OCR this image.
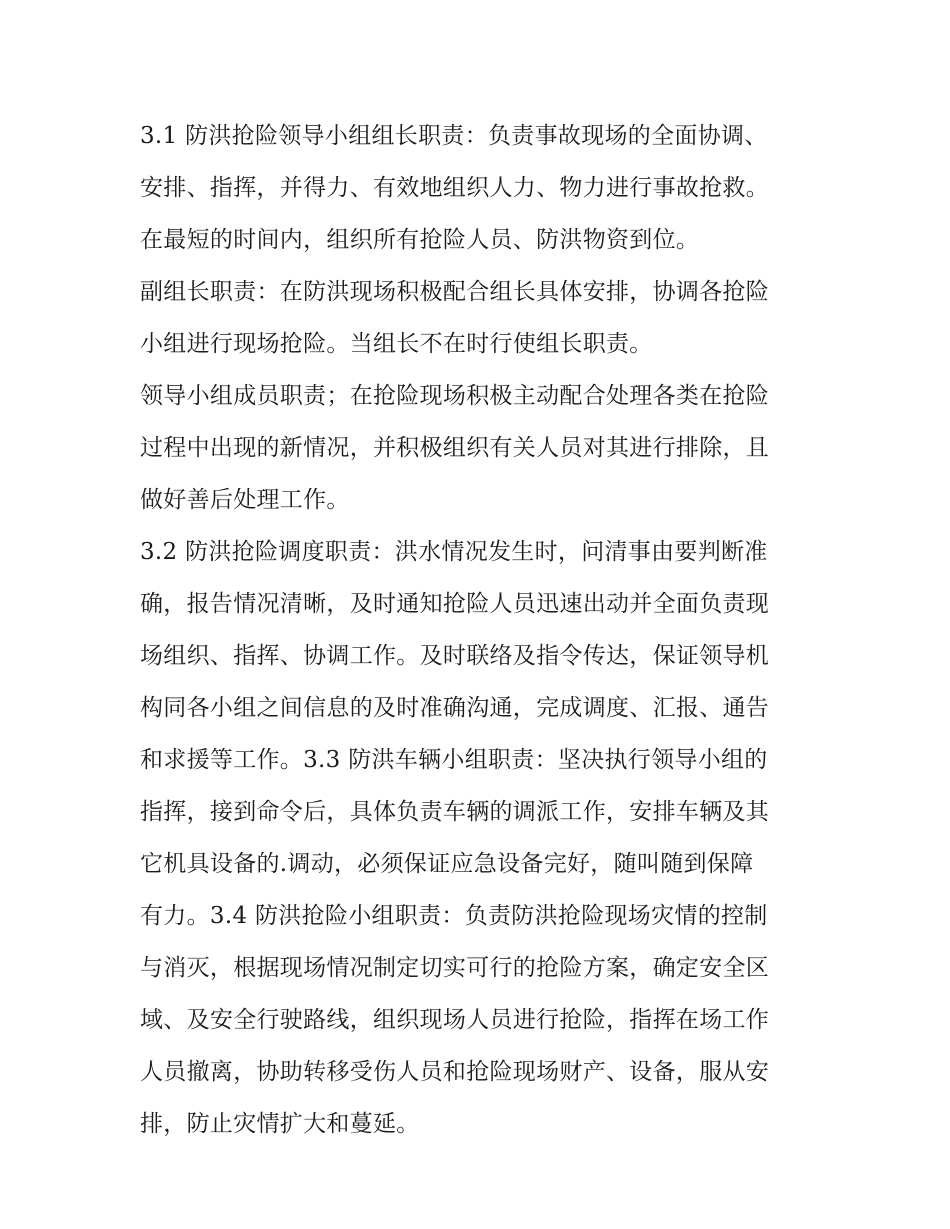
3.1 防洪抢险领导小组组长职责：负责事故现场的全面协调、
安排、指挥，并得力、有效地组织人力、物力进行事故抢救。
在最短的时间内，组织所有抢险人员、防洪物资到位。
副组长职责：在防洪现场积极配合组长具体安排，协调各抢险
小组进行现场抢险。当组长不在时行使组长职责。
领导小组成员职责；在抢险现场积极主动配合处理各类在抢险
过程中出现的新情况，并积极组织有关人员对其进行排除，且
做好善后处理工作。
3.2 防洪抢险调度职责：洪水情况发生时，问清事由要判断准
确，报告情况清晰，及时通知抢险人员迅速出动并全面负责现
场组织、指挥、协调工作。及时联络及指令传达，保证领导机
构同各小组之间信息的及时准确沟通，完成调度、汇报、通告
和求援等工作。3.3 防洪车辆小组职责：坚决执行领导小组的
指挥，接到命令后，具体负责车辆的调派工作，安排车辆及其
它机具设备的.调动，必须保证应急设备完好，随叫随到保障
有力。3.4 防洪抢险小组职责：负责防洪抢险现场灾情的控制
与消灭，根据现场情况制定切实可行的抢险方案，确定安全区
域、及安全行驶路线，组织现场人员进行抢险，指挥在场工作
人员撤离，协助转移受伤人员和抢险现场财产、设备，服从安
排，防止灾情扩大和蔓延。
